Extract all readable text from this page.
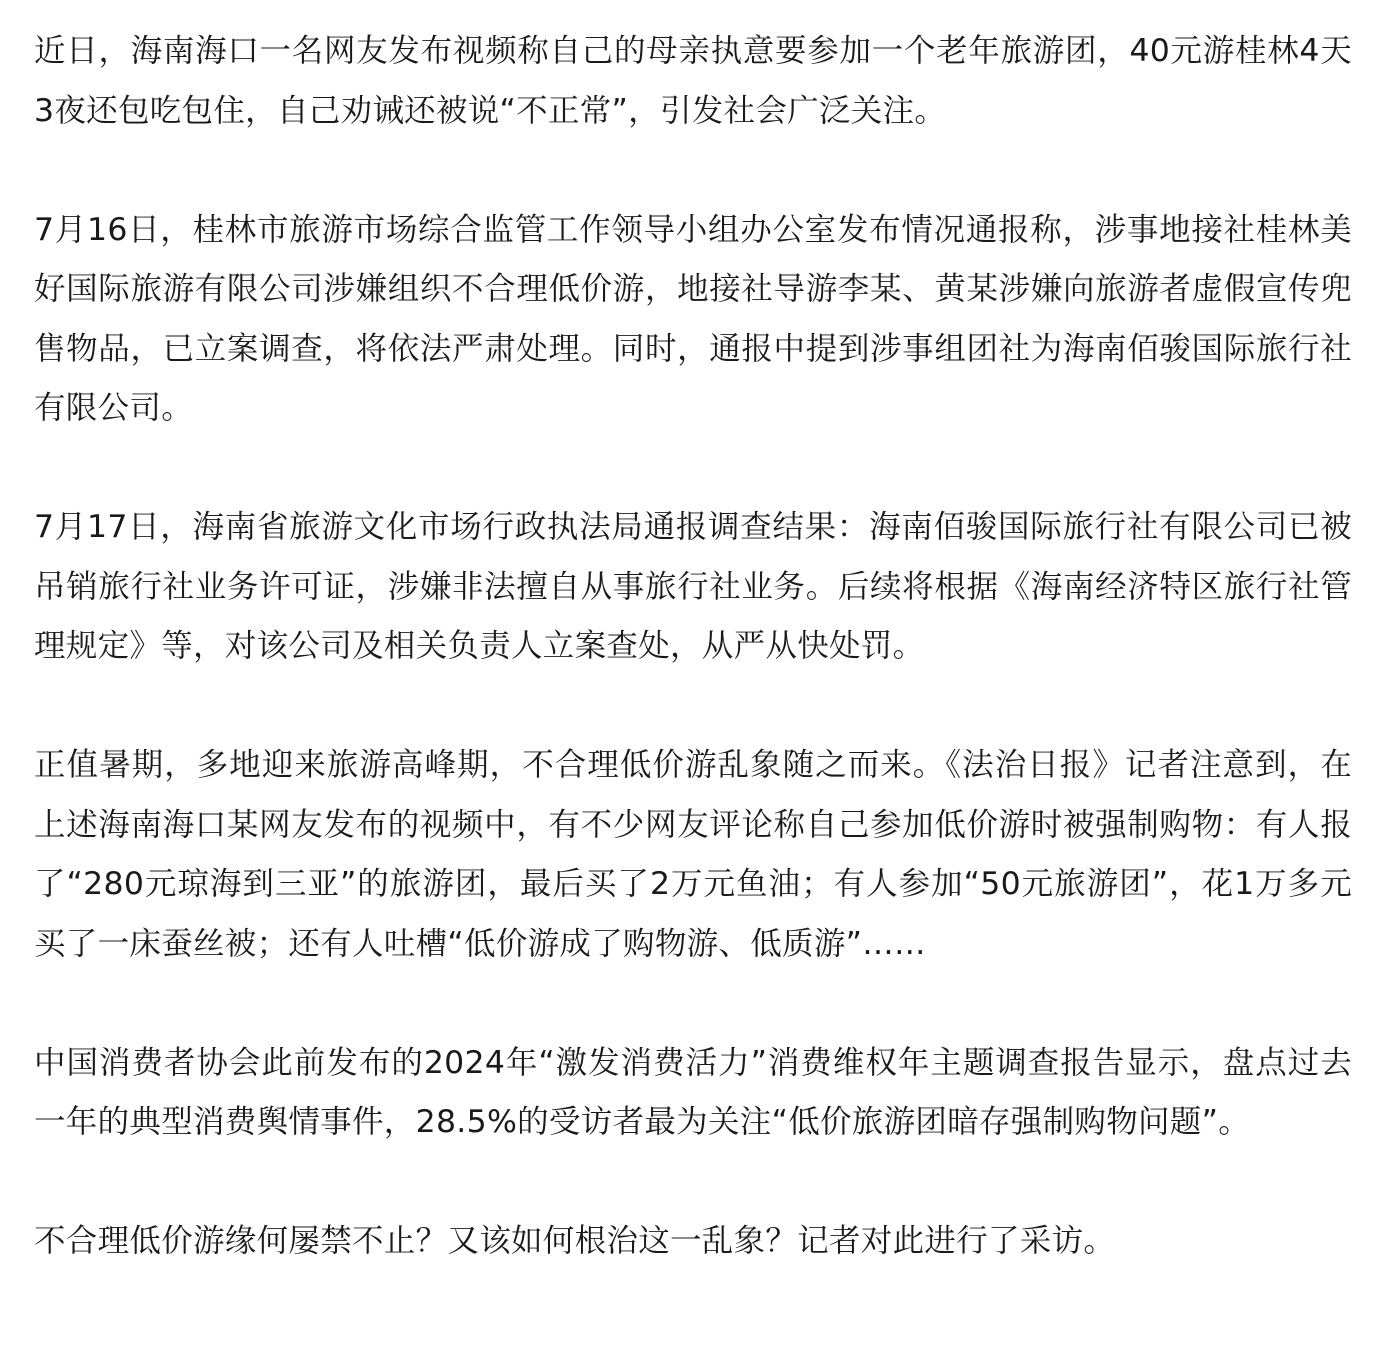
近日，海南海口一名网友发布视频称自己的母亲执意要参加一个老年旅游团，40元游桂林4天3夜还包吃包住，自己劝诫还被说“不正常”，引发社会广泛关注。

7月16日，桂林市旅游市场综合监管工作领导小组办公室发布情况通报称，涉事地接社桂林美好国际旅游有限公司涉嫌组织不合理低价游，地接社导游李某、黄某涉嫌向旅游者虚假宣传兜售物品，已立案调查，将依法严肃处理。同时，通报中提到涉事组团社为海南佰骏国际旅行社有限公司。

7月17日，海南省旅游文化市场行政执法局通报调查结果：海南佰骏国际旅行社有限公司已被吊销旅行社业务许可证，涉嫌非法擅自从事旅行社业务。后续将根据《海南经济特区旅行社管理规定》等，对该公司及相关负责人立案查处，从严从快处罚。

正值暑期，多地迎来旅游高峰期，不合理低价游乱象随之而来。《法治日报》记者注意到，在上述海南海口某网友发布的视频中，有不少网友评论称自己参加低价游时被强制购物：有人报了“280元琼海到三亚”的旅游团，最后买了2万元鱼油；有人参加“50元旅游团”，花1万多元买了一床蚕丝被；还有人吐槽“低价游成了购物游、低质游”……

中国消费者协会此前发布的2024年“激发消费活力”消费维权年主题调查报告显示，盘点过去一年的典型消费舆情事件，28.5%的受访者最为关注“低价旅游团暗存强制购物问题”。

不合理低价游缘何屡禁不止？又该如何根治这一乱象？记者对此进行了采访。
